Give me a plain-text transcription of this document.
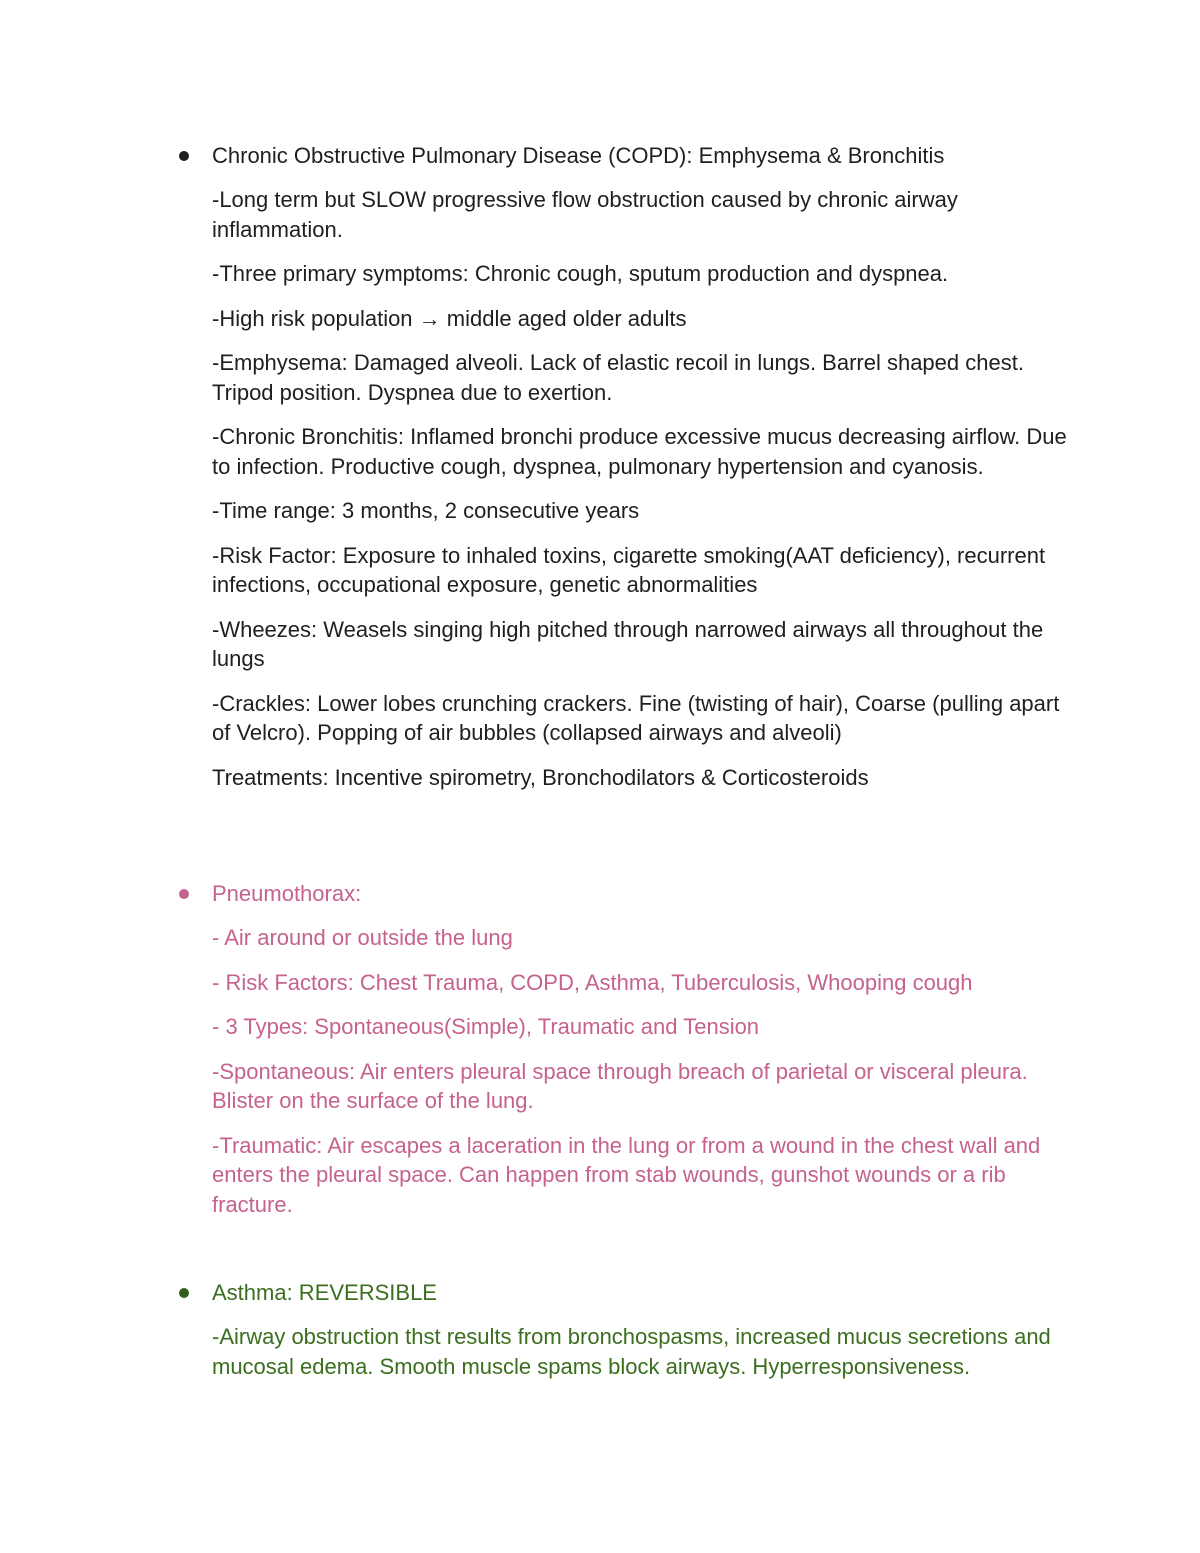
Chronic Obstructive Pulmonary Disease (COPD): Emphysema & Bronchitis

-Long term but SLOW progressive flow obstruction caused by chronic airway inflammation.

-Three primary symptoms: Chronic cough, sputum production and dyspnea.

-High risk population → middle aged older adults

-Emphysema: Damaged alveoli. Lack of elastic recoil in lungs. Barrel shaped chest. Tripod position. Dyspnea due to exertion.

-Chronic Bronchitis: Inflamed bronchi produce excessive mucus decreasing airflow. Due to infection. Productive cough, dyspnea, pulmonary hypertension and cyanosis.

-Time range: 3 months, 2 consecutive years

-Risk Factor: Exposure to inhaled toxins, cigarette smoking(AAT deficiency), recurrent infections, occupational exposure, genetic abnormalities

-Wheezes: Weasels singing high pitched through narrowed airways all throughout the lungs

-Crackles: Lower lobes crunching crackers. Fine (twisting of hair), Coarse (pulling apart of Velcro). Popping of air bubbles (collapsed airways and alveoli)

Treatments: Incentive spirometry, Bronchodilators & Corticosteroids

Pneumothorax:

- Air around or outside the lung

- Risk Factors: Chest Trauma, COPD, Asthma, Tuberculosis, Whooping cough

- 3 Types: Spontaneous(Simple), Traumatic and Tension

-Spontaneous: Air enters pleural space through breach of parietal or visceral pleura. Blister on the surface of the lung.

-Traumatic: Air escapes a laceration in the lung or from a wound in the chest wall and enters the pleural space. Can happen from stab wounds, gunshot wounds or a rib fracture.

Asthma: REVERSIBLE

-Airway obstruction thst results from bronchospasms, increased mucus secretions and mucosal edema. Smooth muscle spams block airways. Hyperresponsiveness.
